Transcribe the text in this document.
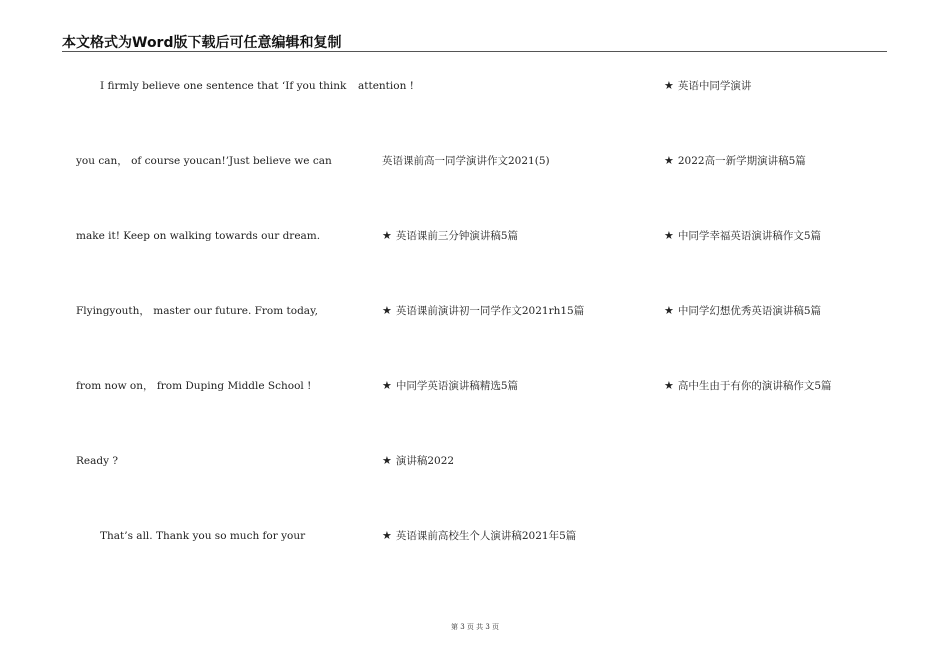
本文格式为Word版下载后可任意编辑和复制
I firmly believe one sentence that ‘If you think
you can， of course youcan!’Just believe we can
make it! Keep on walking towards our dream.
Flyingyouth， master our future. From today,
from now on， from Duping Middle School !
Ready ?
That’s all. Thank you so much for your
attention !
英语课前高一同学演讲作文2021(5)
★ 英语课前三分钟演讲稿5篇
★ 英语课前演讲初一同学作文2021rh15篇
★ 中同学英语演讲稿精选5篇
★ 演讲稿2022
★ 英语课前高校生个人演讲稿2021年5篇
★ 英语中同学演讲
★ 2022高一新学期演讲稿5篇
★ 中同学幸福英语演讲稿作文5篇
★ 中同学幻想优秀英语演讲稿5篇
★ 高中生由于有你的演讲稿作文5篇
第 3 页 共 3 页
